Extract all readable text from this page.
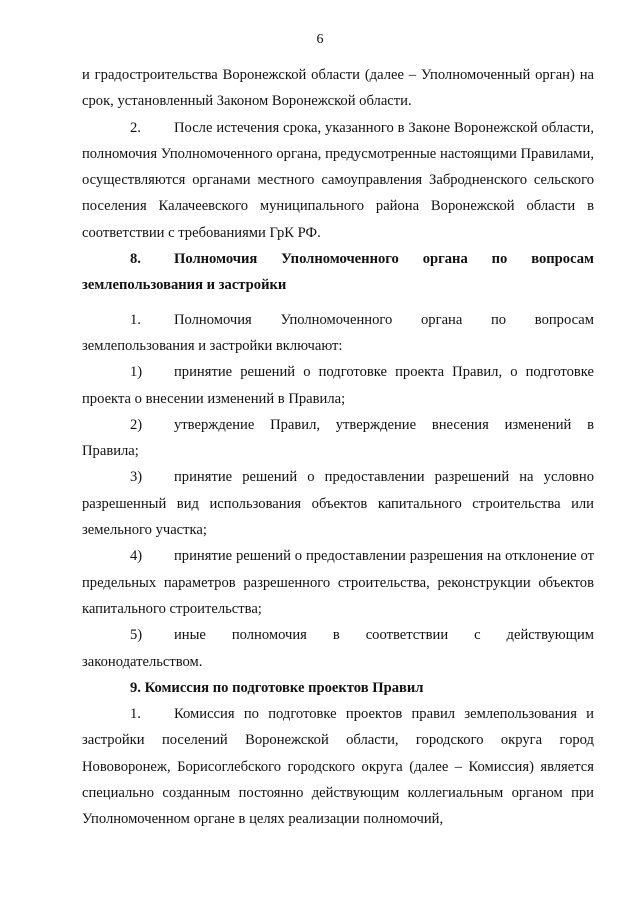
6

и градостроительства Воронежской области (далее – Уполномоченный орган) на срок, установленный Законом Воронежской области.

2. После истечения срока, указанного в Законе Воронежской области, полномочия Уполномоченного органа, предусмотренные настоящими Правилами, осуществляются органами местного самоуправления Забродненского сельского поселения Калачеевского муниципального района Воронежской области в соответствии с требованиями ГрК РФ.

8. Полномочия Уполномоченного органа по вопросам землепользования и застройки

1. Полномочия Уполномоченного органа по вопросам землепользования и застройки включают:

1) принятие решений о подготовке проекта Правил, о подготовке проекта о внесении изменений в Правила;

2) утверждение Правил, утверждение внесения изменений в Правила;

3) принятие решений о предоставлении разрешений на условно разрешенный вид использования объектов капитального строительства или земельного участка;

4) принятие решений о предоставлении разрешения на отклонение от предельных параметров разрешенного строительства, реконструкции объектов капитального строительства;

5) иные полномочия в соответствии с действующим законодательством.

9. Комиссия по подготовке проектов Правил

1. Комиссия по подготовке проектов правил землепользования и застройки поселений Воронежской области, городского округа город Нововоронеж, Борисоглебского городского округа (далее – Комиссия) является специально созданным постоянно действующим коллегиальным органом при Уполномоченном органе в целях реализации полномочий,
